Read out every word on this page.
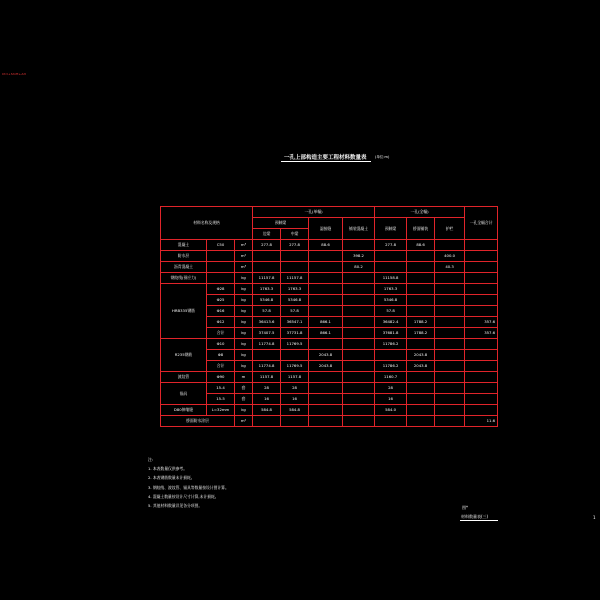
Ctrl+Shift+Alt
一孔上部构造主要工程材料数量表 (单位:m)
材料名称及规格			一孔(单幅)				一孔(全幅)			一孔全幅合计
			预制梁		湿接缝	铺装混凝土	预制梁	桥面铺装	护栏	
			边梁	中梁						
混凝土	C50	m³	277.8	277.8	88.6		277.8	88.6		
防水层		m²				398.2			400.0	
沥青混凝土		m³				80.2			40.3	
钢绞线(预应力)		kg	11157.8	11157.8			11158.8			
HRB335钢筋	Φ28	kg	1763.3	1763.3			1763.3			
	Φ25	kg	5346.8	5346.8			5346.8			
	Φ16	kg	57.8	57.8			57.8			
	Φ12	kg	36413.6	36547.1	866.1		36482.4	1788.2		357.6
	合计	kg	37407.5	37731.8	866.1		37681.8	1788.2		357.6
R235钢筋	Φ10	kg	11774.8	11769.5			11786.2			
	Φ8	kg			2043.8			2043.8		
	合计	kg	11774.8	11769.5	2043.8		11786.2	2043.8		
波纹管	Φ90	m	1157.8	1157.8			1160.7			
锚具	15-4	套	28	28			28			
	15-5	套	16	16			16			
D80伸缩缝	L=32mm	kg	584.8	584.8			584.0			
桥面防水涂层		m²								11.6
注:
1. 本表数量仅供参考。
2. 本表钢筋数量未计损耗。
3. 钢绞线、波纹管、锚具等数量按设计图计算。
4. 混凝土数量按设计尺寸计算,未计损耗。
5. 其他材料数量详见各分项图。	图*
材料数量表(三)	1
